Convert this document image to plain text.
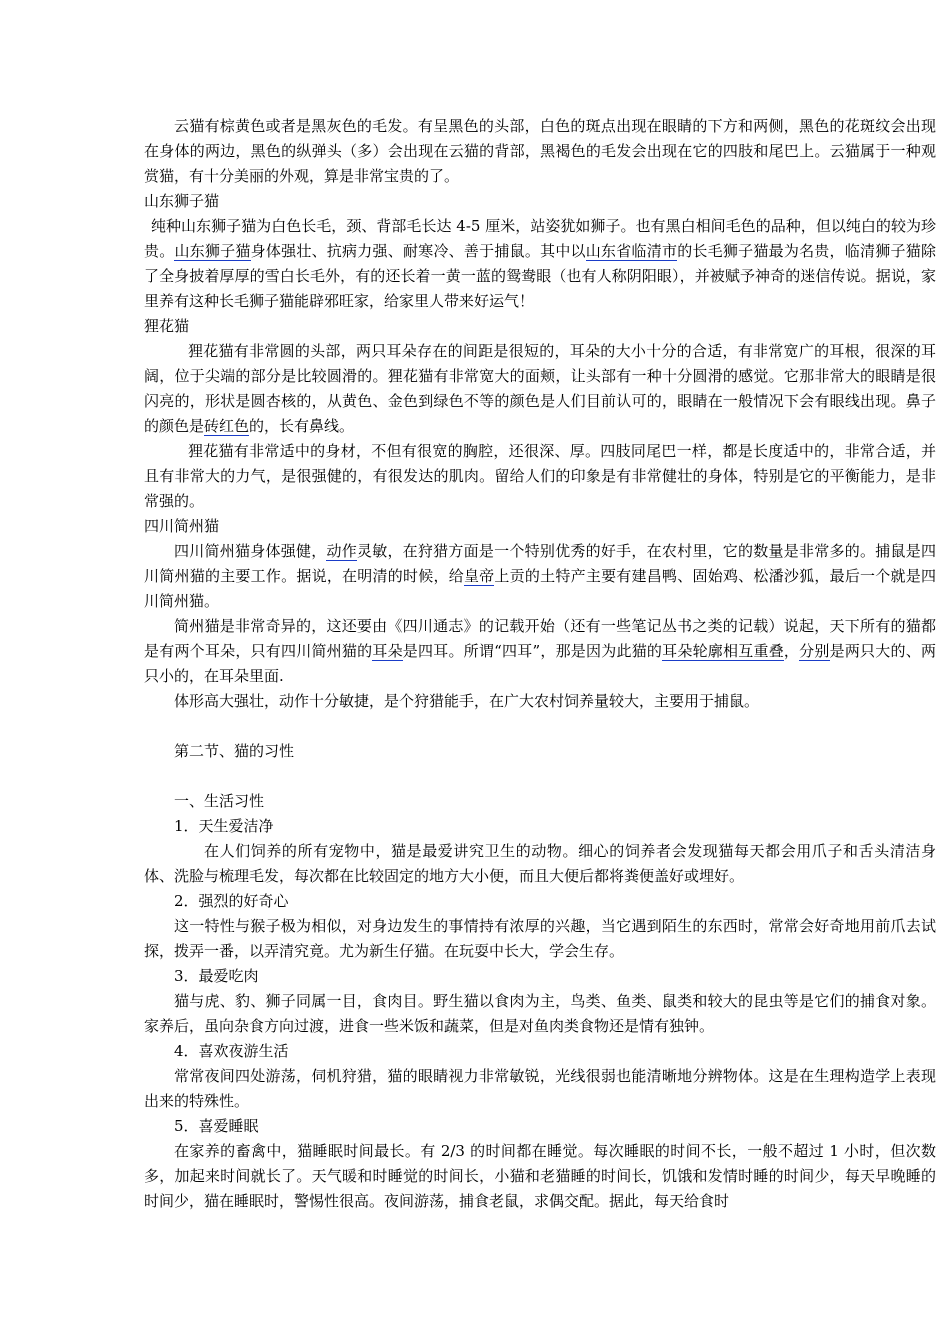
云猫有棕黄色或者是黑灰色的毛发。有呈黑色的头部，白色的斑点出现在眼睛的下方和两侧，黑色的花斑纹会出现在身体的两边，黑色的纵弹头（多）会出现在云猫的背部，黑褐色的毛发会出现在它的四肢和尾巴上。云猫属于一种观赏猫，有十分美丽的外观，算是非常宝贵的了。

山东狮子猫

纯种山东狮子猫为白色长毛，颈、背部毛长达 4-5 厘米，站姿犹如狮子。也有黑白相间毛色的品种，但以纯白的较为珍贵。山东狮子猫身体强壮、抗病力强、耐寒冷、善于捕鼠。其中以山东省临清市的长毛狮子猫最为名贵，临清狮子猫除了全身披着厚厚的雪白长毛外，有的还长着一黄一蓝的鸳鸯眼（也有人称阴阳眼），并被赋予神奇的迷信传说。据说，家里养有这种长毛狮子猫能辟邪旺家，给家里人带来好运气！

狸花猫

狸花猫有非常圆的头部，两只耳朵存在的间距是很短的，耳朵的大小十分的合适，有非常宽广的耳根，很深的耳阔，位于尖端的部分是比较圆滑的。狸花猫有非常宽大的面颊，让头部有一种十分圆滑的感觉。它那非常大的眼睛是很闪亮的，形状是圆杏核的，从黄色、金色到绿色不等的颜色是人们目前认可的，眼睛在一般情况下会有眼线出现。鼻子的颜色是砖红色的，长有鼻线。

狸花猫有非常适中的身材，不但有很宽的胸腔，还很深、厚。四肢同尾巴一样，都是长度适中的，非常合适，并且有非常大的力气，是很强健的，有很发达的肌肉。留给人们的印象是有非常健壮的身体，特别是它的平衡能力，是非常强的。

四川简州猫

四川简州猫身体强健，动作灵敏，在狩猎方面是一个特别优秀的好手，在农村里，它的数量是非常多的。捕鼠是四川简州猫的主要工作。据说，在明清的时候，给皇帝上贡的土特产主要有建昌鸭、固始鸡、松潘沙狐，最后一个就是四川简州猫。

简州猫是非常奇异的，这还要由《四川通志》的记载开始（还有一些笔记丛书之类的记载）说起，天下所有的猫都是有两个耳朵，只有四川简州猫的耳朵是四耳。所谓“四耳”，那是因为此猫的耳朵轮廓相互重叠，分别是两只大的、两只小的，在耳朵里面.

体形高大强壮，动作十分敏捷，是个狩猎能手，在广大农村饲养量较大，主要用于捕鼠。

第二节、猫的习性

一、生活习性

1．天生爱洁净

在人们饲养的所有宠物中，猫是最爱讲究卫生的动物。细心的饲养者会发现猫每天都会用爪子和舌头清洁身体、洗脸与梳理毛发，每次都在比较固定的地方大小便，而且大便后都将粪便盖好或埋好。

2．强烈的好奇心

这一特性与猴子极为相似，对身边发生的事情持有浓厚的兴趣，当它遇到陌生的东西时，常常会好奇地用前爪去试探，拨弄一番，以弄清究竟。尤为新生仔猫。在玩耍中长大，学会生存。

3．最爱吃肉

猫与虎、豹、狮子同属一目，食肉目。野生猫以食肉为主，鸟类、鱼类、鼠类和较大的昆虫等是它们的捕食对象。家养后，虽向杂食方向过渡，进食一些米饭和蔬菜，但是对鱼肉类食物还是情有独钟。

4．喜欢夜游生活

常常夜间四处游荡，伺机狩猎，猫的眼睛视力非常敏锐，光线很弱也能清晰地分辨物体。这是在生理构造学上表现出来的特殊性。

5．喜爱睡眠

在家养的畜禽中，猫睡眠时间最长。有 2/3 的时间都在睡觉。每次睡眠的时间不长，一般不超过 1 小时，但次数多，加起来时间就长了。天气暖和时睡觉的时间长，小猫和老猫睡的时间长，饥饿和发情时睡的时间少，每天早晚睡的时间少，猫在睡眠时，警惕性很高。夜间游荡，捕食老鼠，求偶交配。据此，每天给食时
